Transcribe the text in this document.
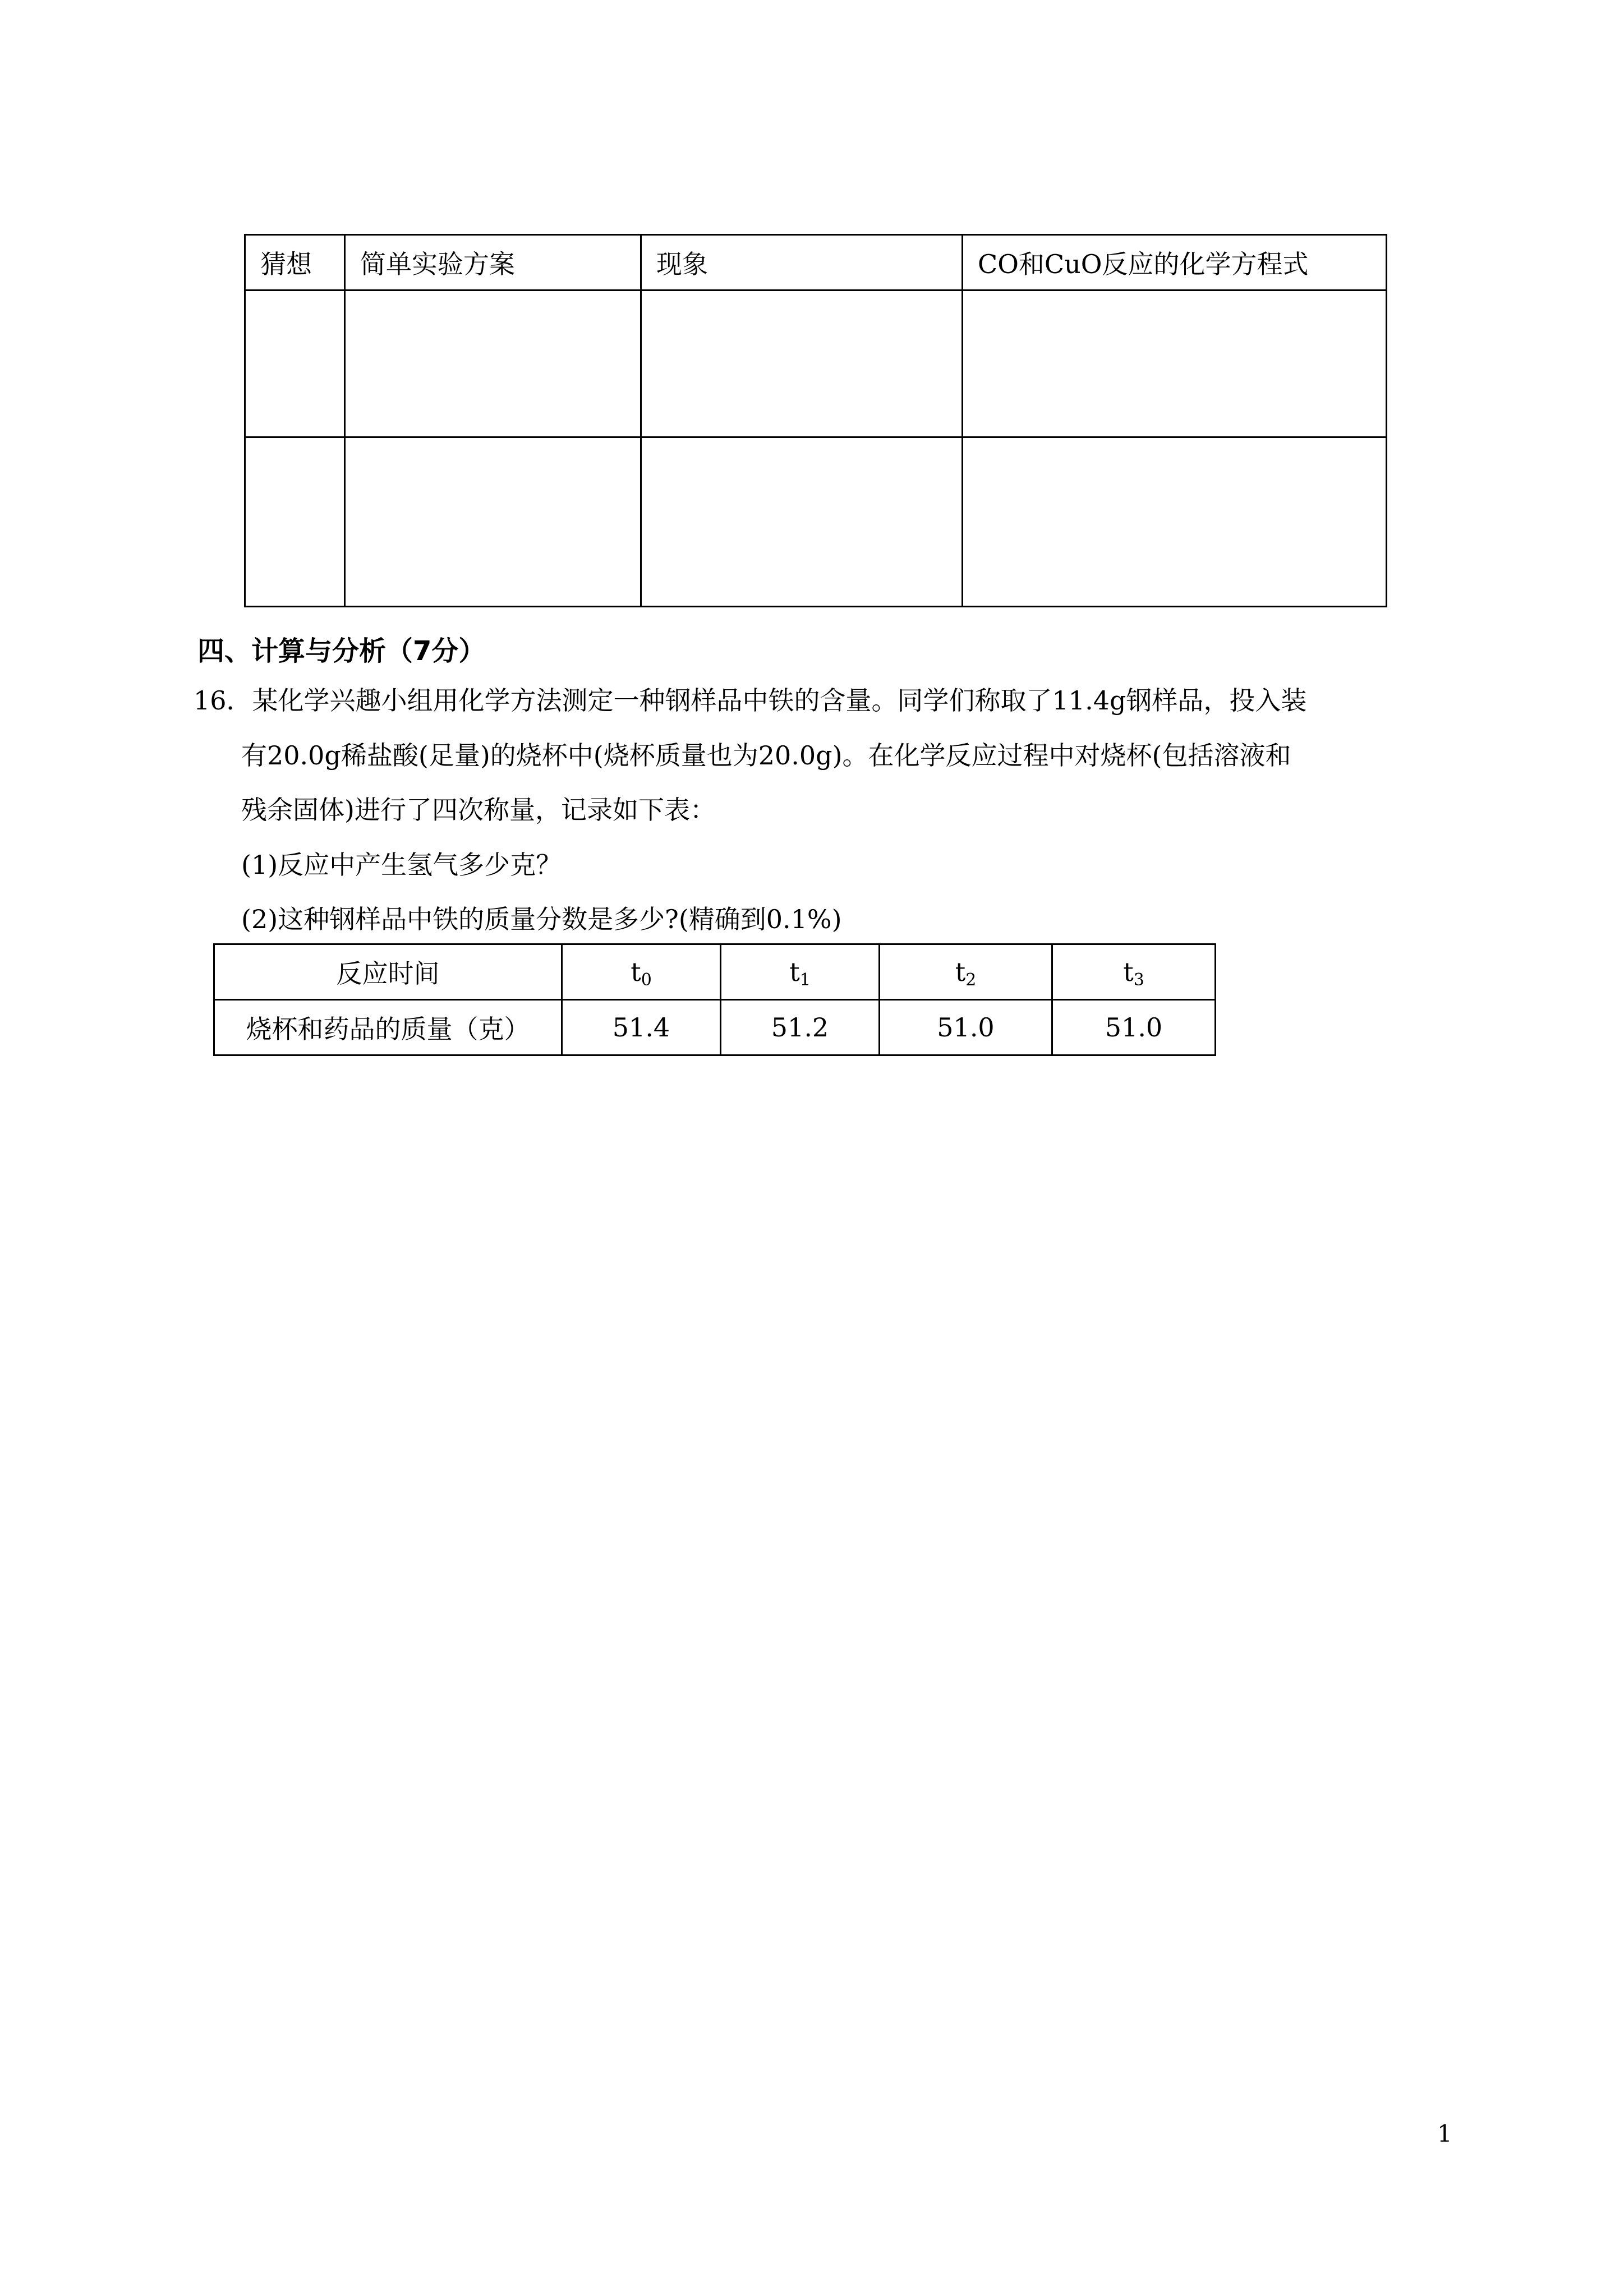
猜想	简单实验方案	现象	CO和CuO反应的化学方程式

四、计算与分析（7分）
16．某化学兴趣小组用化学方法测定一种钢样品中铁的含量。同学们称取了11.4g钢样品，投入装
有20.0g稀盐酸(足量)的烧杯中(烧杯质量也为20.0g)。在化学反应过程中对烧杯(包括溶液和
残余固体)进行了四次称量，记录如下表：
(1)反应中产生氢气多少克？
(2)这种钢样品中铁的质量分数是多少?(精确到0.1%)
反应时间	$t_0$	$t_1$	$t_2$	$t_3$
烧杯和药品的质量（克）	51.4	51.2	51.0	51.0
1
